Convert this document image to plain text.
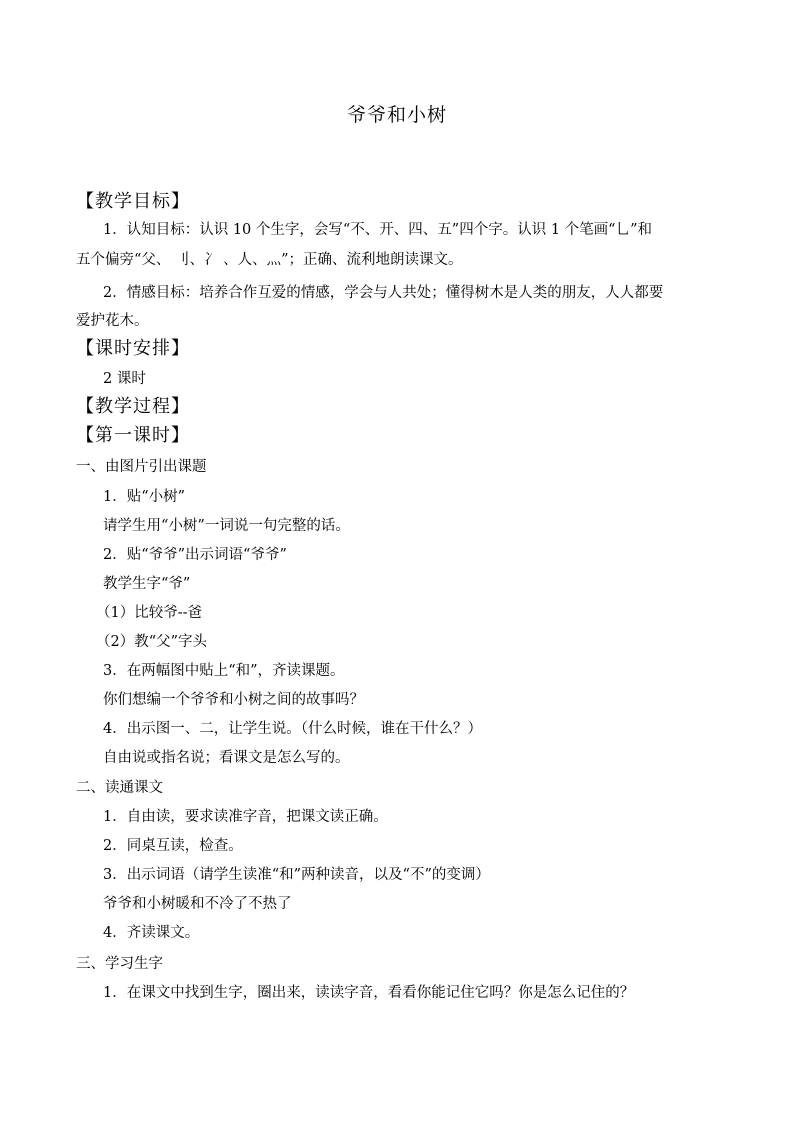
爷爷和小树
【教学目标】
1．认知目标：认识 10 个生字，会写“不、开、四、五”四个字。认识 1 个笔画“乚”和
五个偏旁“父、 刂、冫 、人、灬”；正确、流利地朗读课文。
2．情感目标：培养合作互爱的情感，学会与人共处；懂得树木是人类的朋友，人人都要
爱护花木。
【课时安排】
2 课时
【教学过程】
【第一课时】
一、由图片引出课题
1．贴“小树”
请学生用“小树”一词说一句完整的话。
2．贴“爷爷”出示词语“爷爷”
教学生字“爷”
（1）比较爷--爸
（2）教“父”字头
3．在两幅图中贴上“和”，齐读课题。
你们想编一个爷爷和小树之间的故事吗？
4．出示图一、二，让学生说。（什么时候，谁在干什么？）
自由说或指名说；看课文是怎么写的。
二、读通课文
1．自由读，要求读准字音，把课文读正确。
2．同桌互读，检查。
3．出示词语（请学生读准“和”两种读音，以及“不”的变调）
爷爷和小树暖和不冷了不热了
4．齐读课文。
三、学习生字
1．在课文中找到生字，圈出来，读读字音，看看你能记住它吗？你是怎么记住的？
